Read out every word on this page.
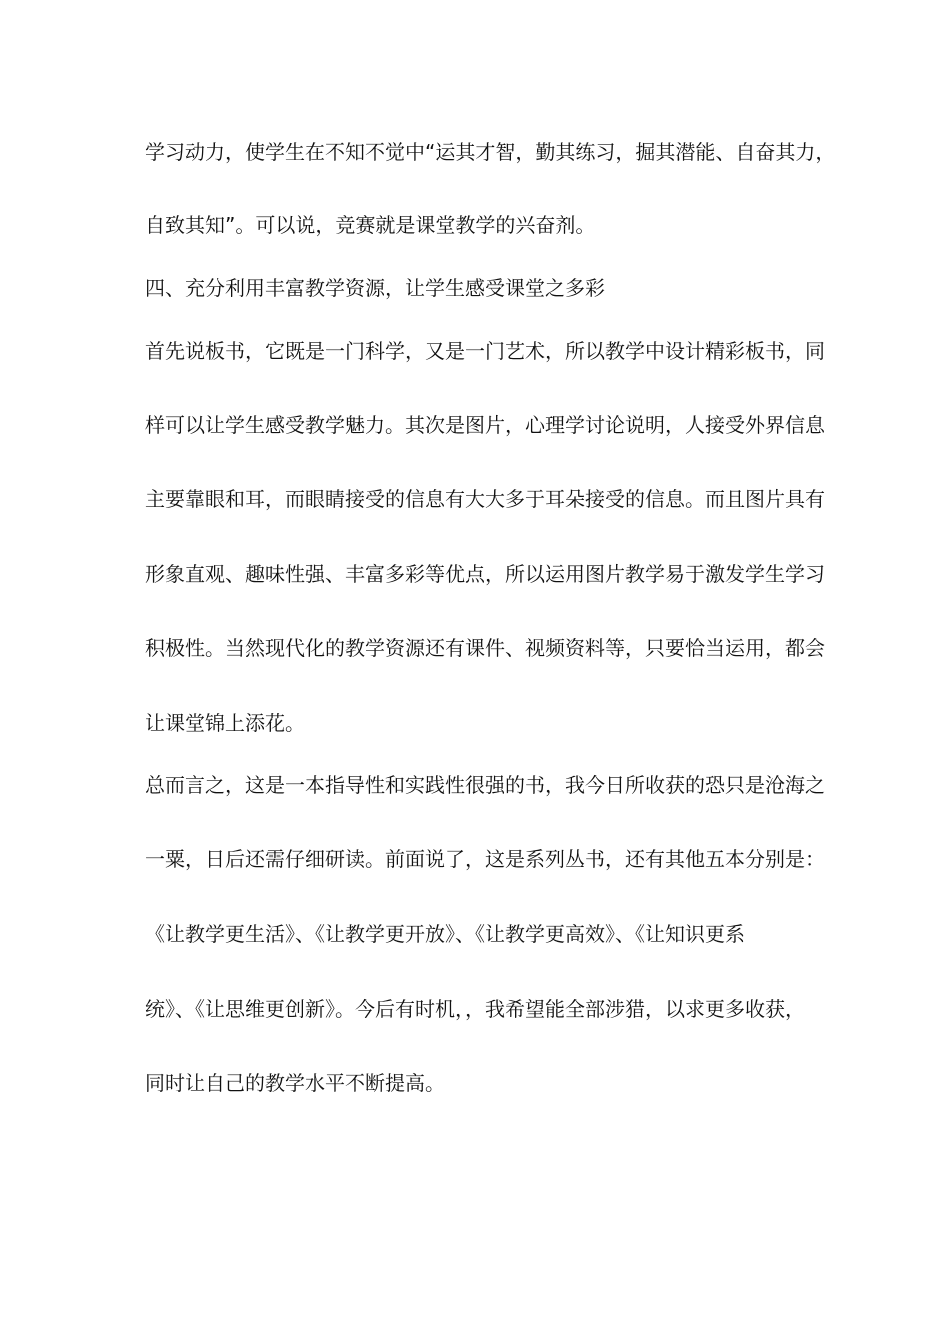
学习动力，使学生在不知不觉中“运其才智，勤其练习，掘其潜能、自奋其力，
自致其知”。可以说，竞赛就是课堂教学的兴奋剂。
四、充分利用丰富教学资源，让学生感受课堂之多彩
首先说板书，它既是一门科学，又是一门艺术，所以教学中设计精彩板书，同
样可以让学生感受教学魅力。其次是图片，心理学讨论说明，人接受外界信息
主要靠眼和耳，而眼睛接受的信息有大大多于耳朵接受的信息。而且图片具有
形象直观、趣味性强、丰富多彩等优点，所以运用图片教学易于激发学生学习
积极性。当然现代化的教学资源还有课件、视频资料等，只要恰当运用，都会
让课堂锦上添花。
总而言之，这是一本指导性和实践性很强的书，我今日所收获的恐只是沧海之
一粟，日后还需仔细研读。前面说了，这是系列丛书，还有其他五本分别是：
《让教学更生活》、《让教学更开放》、《让教学更高效》、《让知识更系
统》、《让思维更创新》。今后有时机，，我希望能全部涉猎，以求更多收获，
同时让自己的教学水平不断提高。
